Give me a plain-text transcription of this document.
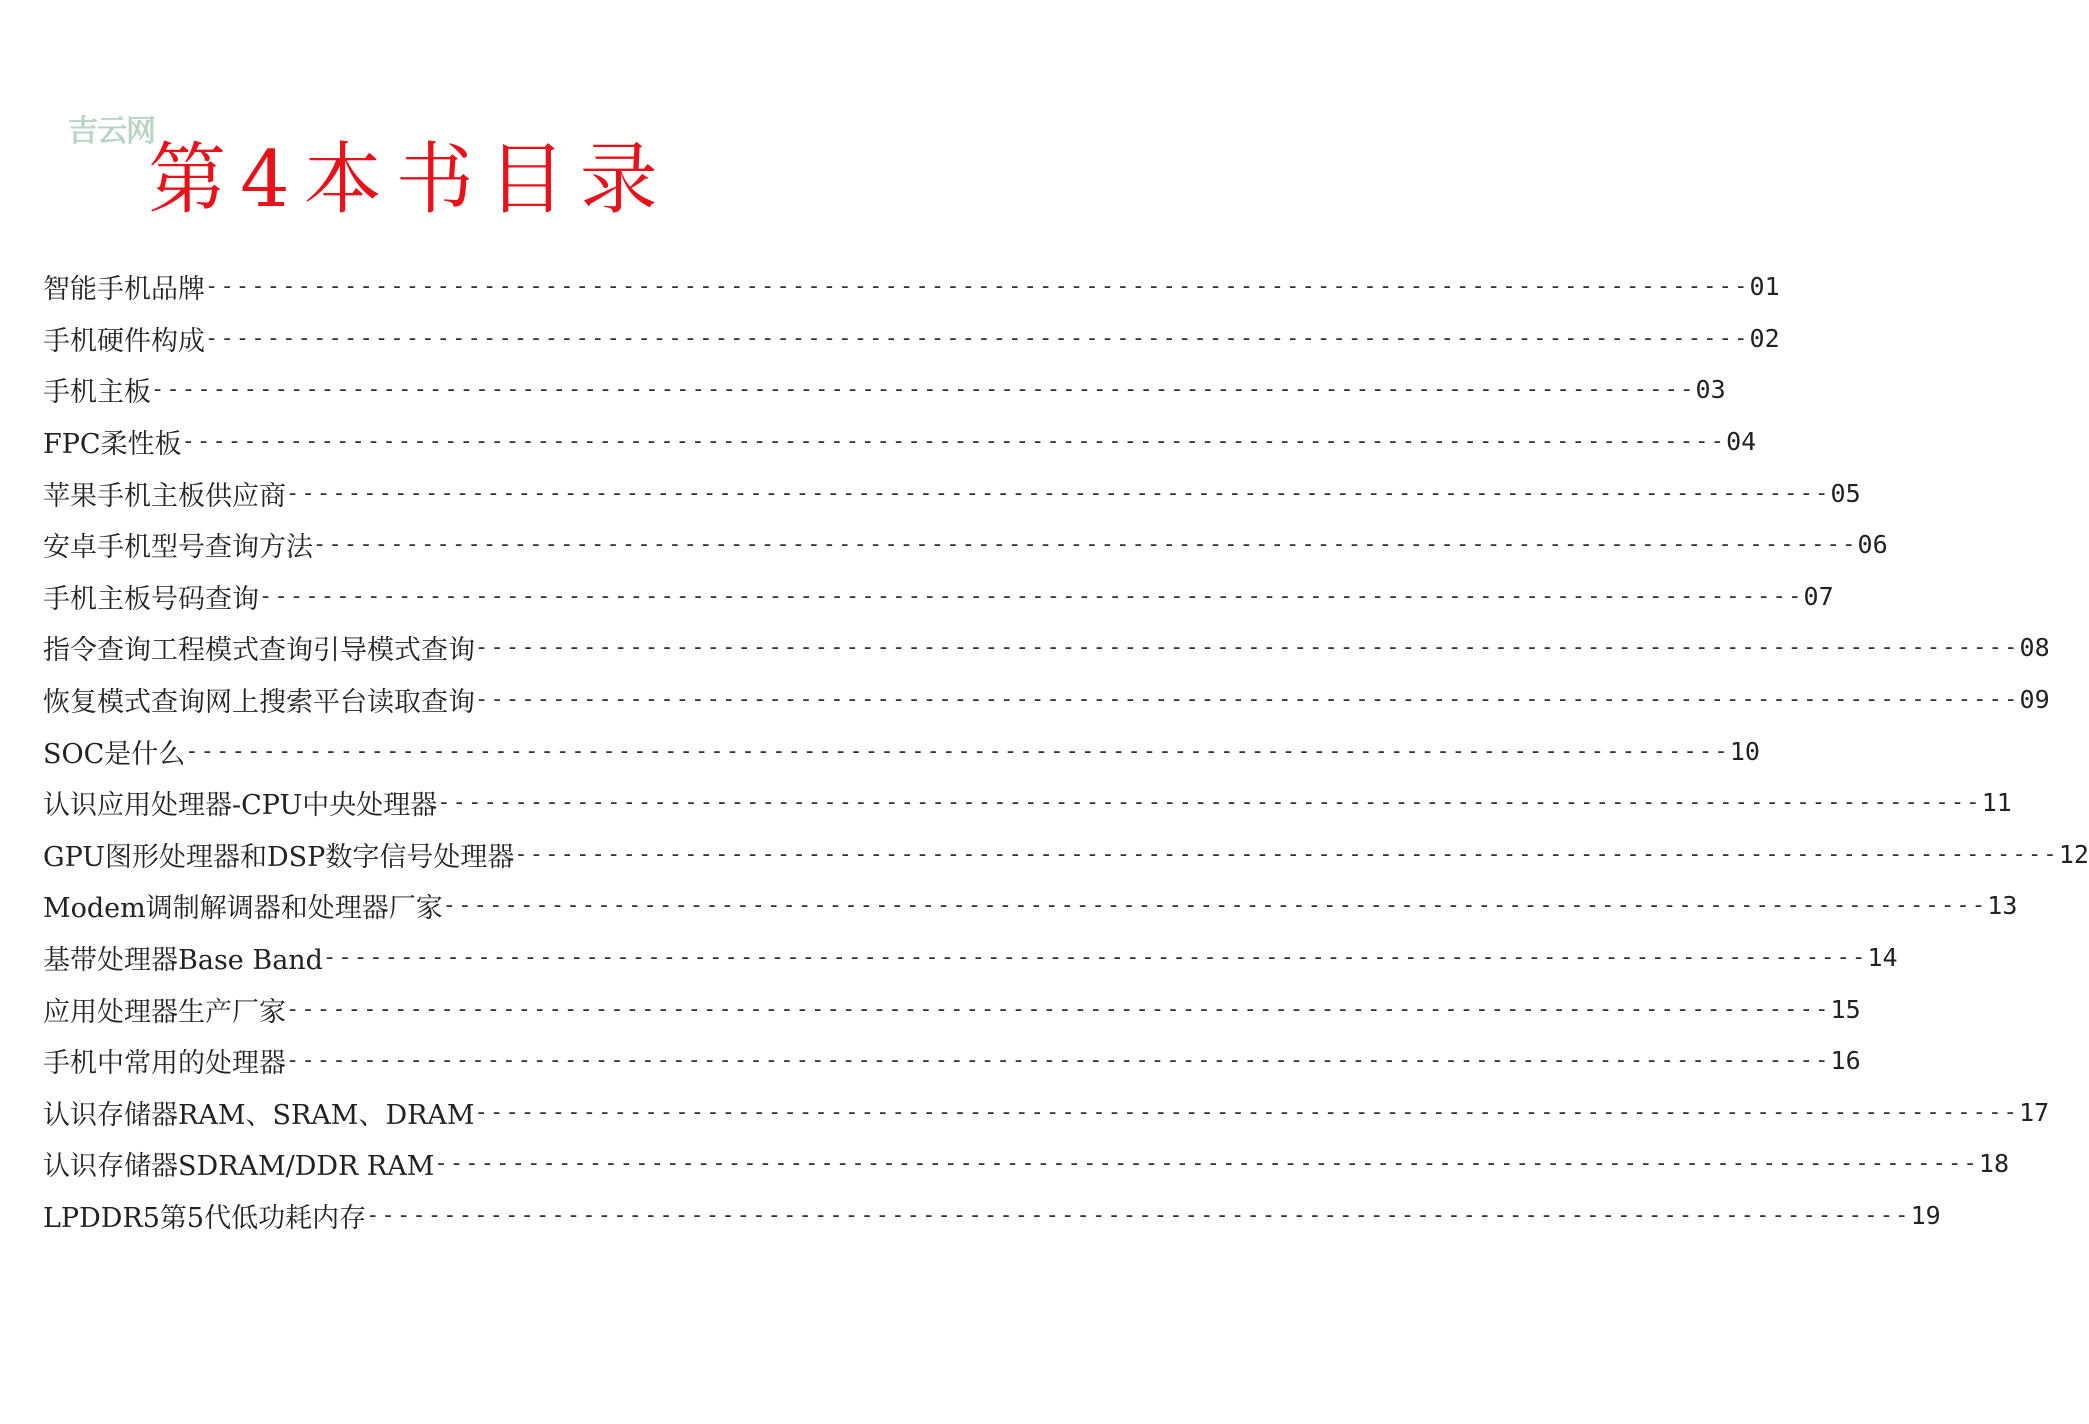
吉云网
第4本书目录
智能手机品牌 ---------------------------------------------------------------------------------------------------- 01
手机硬件构成 ---------------------------------------------------------------------------------------------------- 02
手机主板 ---------------------------------------------------------------------------------------------------- 03
FPC柔性板 ---------------------------------------------------------------------------------------------------- 04
苹果手机主板供应商 ---------------------------------------------------------------------------------------------------- 05
安卓手机型号查询方法 ---------------------------------------------------------------------------------------------------- 06
手机主板号码查询 ---------------------------------------------------------------------------------------------------- 07
指令查询工程模式查询引导模式查询 ---------------------------------------------------------------------------------------------------- 08
恢复模式查询网上搜索平台读取查询 ---------------------------------------------------------------------------------------------------- 09
SOC是什么 ---------------------------------------------------------------------------------------------------- 10
认识应用处理器-CPU中央处理器 ---------------------------------------------------------------------------------------------------- 11
GPU图形处理器和DSP数字信号处理器 ---------------------------------------------------------------------------------------------------- 12
Modem调制解调器和处理器厂家 ---------------------------------------------------------------------------------------------------- 13
基带处理器Base Band ---------------------------------------------------------------------------------------------------- 14
应用处理器生产厂家 ---------------------------------------------------------------------------------------------------- 15
手机中常用的处理器 ---------------------------------------------------------------------------------------------------- 16
认识存储器RAM、SRAM、DRAM ---------------------------------------------------------------------------------------------------- 17
认识存储器SDRAM/DDR RAM ---------------------------------------------------------------------------------------------------- 18
LPDDR5第5代低功耗内存 ---------------------------------------------------------------------------------------------------- 19
